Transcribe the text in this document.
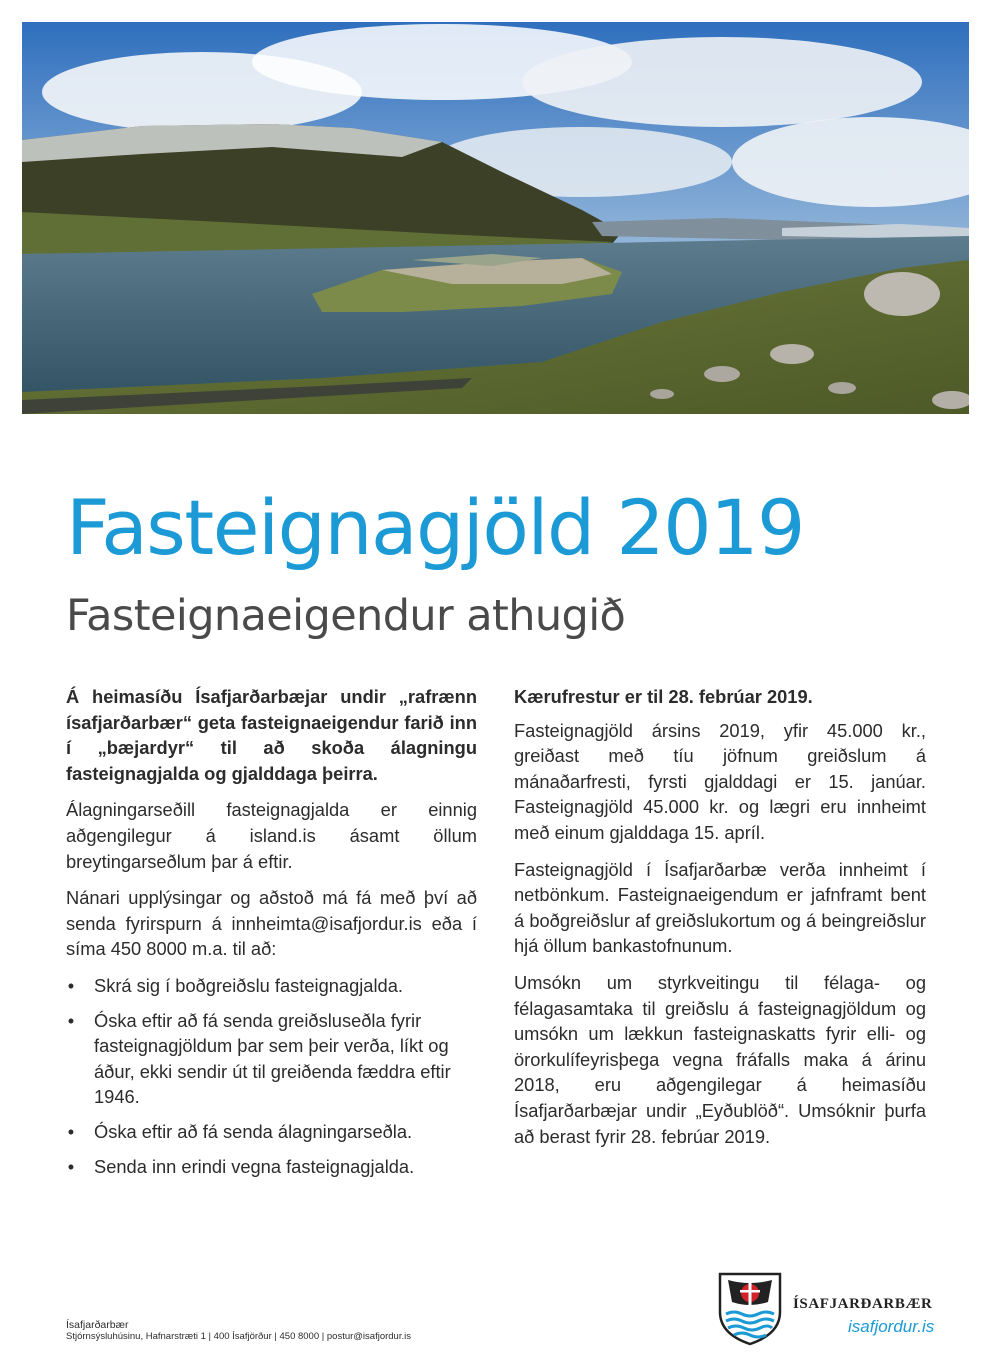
Fasteignagjöld 2019
Fasteignaeigendur athugið

Á heimasíðu Ísafjarðarbæjar undir „rafrænn ísafjarðarbær“ geta fasteignaeigendur farið inn í „bæjardyr“ til að skoða álagningu fasteignagjalda og gjalddaga þeirra.

Álagningarseðill fasteignagjalda er einnig aðgengilegur á island.is ásamt öllum breytingarseðlum þar á eftir.

Nánari upplýsingar og aðstoð má fá með því að senda fyrirspurn á innheimta@isafjordur.is eða í síma 450 8000 m.a. til að:

• Skrá sig í boðgreiðslu fasteignagjalda.
• Óska eftir að fá senda greiðsluseðla fyrir fasteignagjöldum þar sem þeir verða, líkt og áður, ekki sendir út til greiðenda fæddra eftir 1946.
• Óska eftir að fá senda álagningarseðla.
• Senda inn erindi vegna fasteignagjalda.

Kærufrestur er til 28. febrúar 2019.

Fasteignagjöld ársins 2019, yfir 45.000 kr., greiðast með tíu jöfnum greiðslum á mánaðarfresti, fyrsti gjalddagi er 15. janúar. Fasteignagjöld 45.000 kr. og lægri eru innheimt með einum gjalddaga 15. apríl.

Fasteignagjöld í Ísafjarðarbæ verða innheimt í netbönkum. Fasteignaeigendum er jafnframt bent á boðgreiðslur af greiðslukortum og á beingreiðslur hjá öllum bankastofnunum.

Umsókn um styrkveitingu til félaga- og félagasamtaka til greiðslu á fasteignagjöldum og umsókn um lækkun fasteignaskatts fyrir elli- og örorkulífeyrisþega vegna fráfalls maka á árinu 2018, eru aðgengilegar á heimasíðu Ísafjarðarbæjar undir „Eyðublöð“. Umsóknir þurfa að berast fyrir 28. febrúar 2019.

Ísafjarðarbær
Stjórnsýsluhúsinu, Hafnarstræti 1 | 400 Ísafjörður | 450 8000 | postur@isafjordur.is
ÍSAFJARÐARBÆR
isafjordur.is
